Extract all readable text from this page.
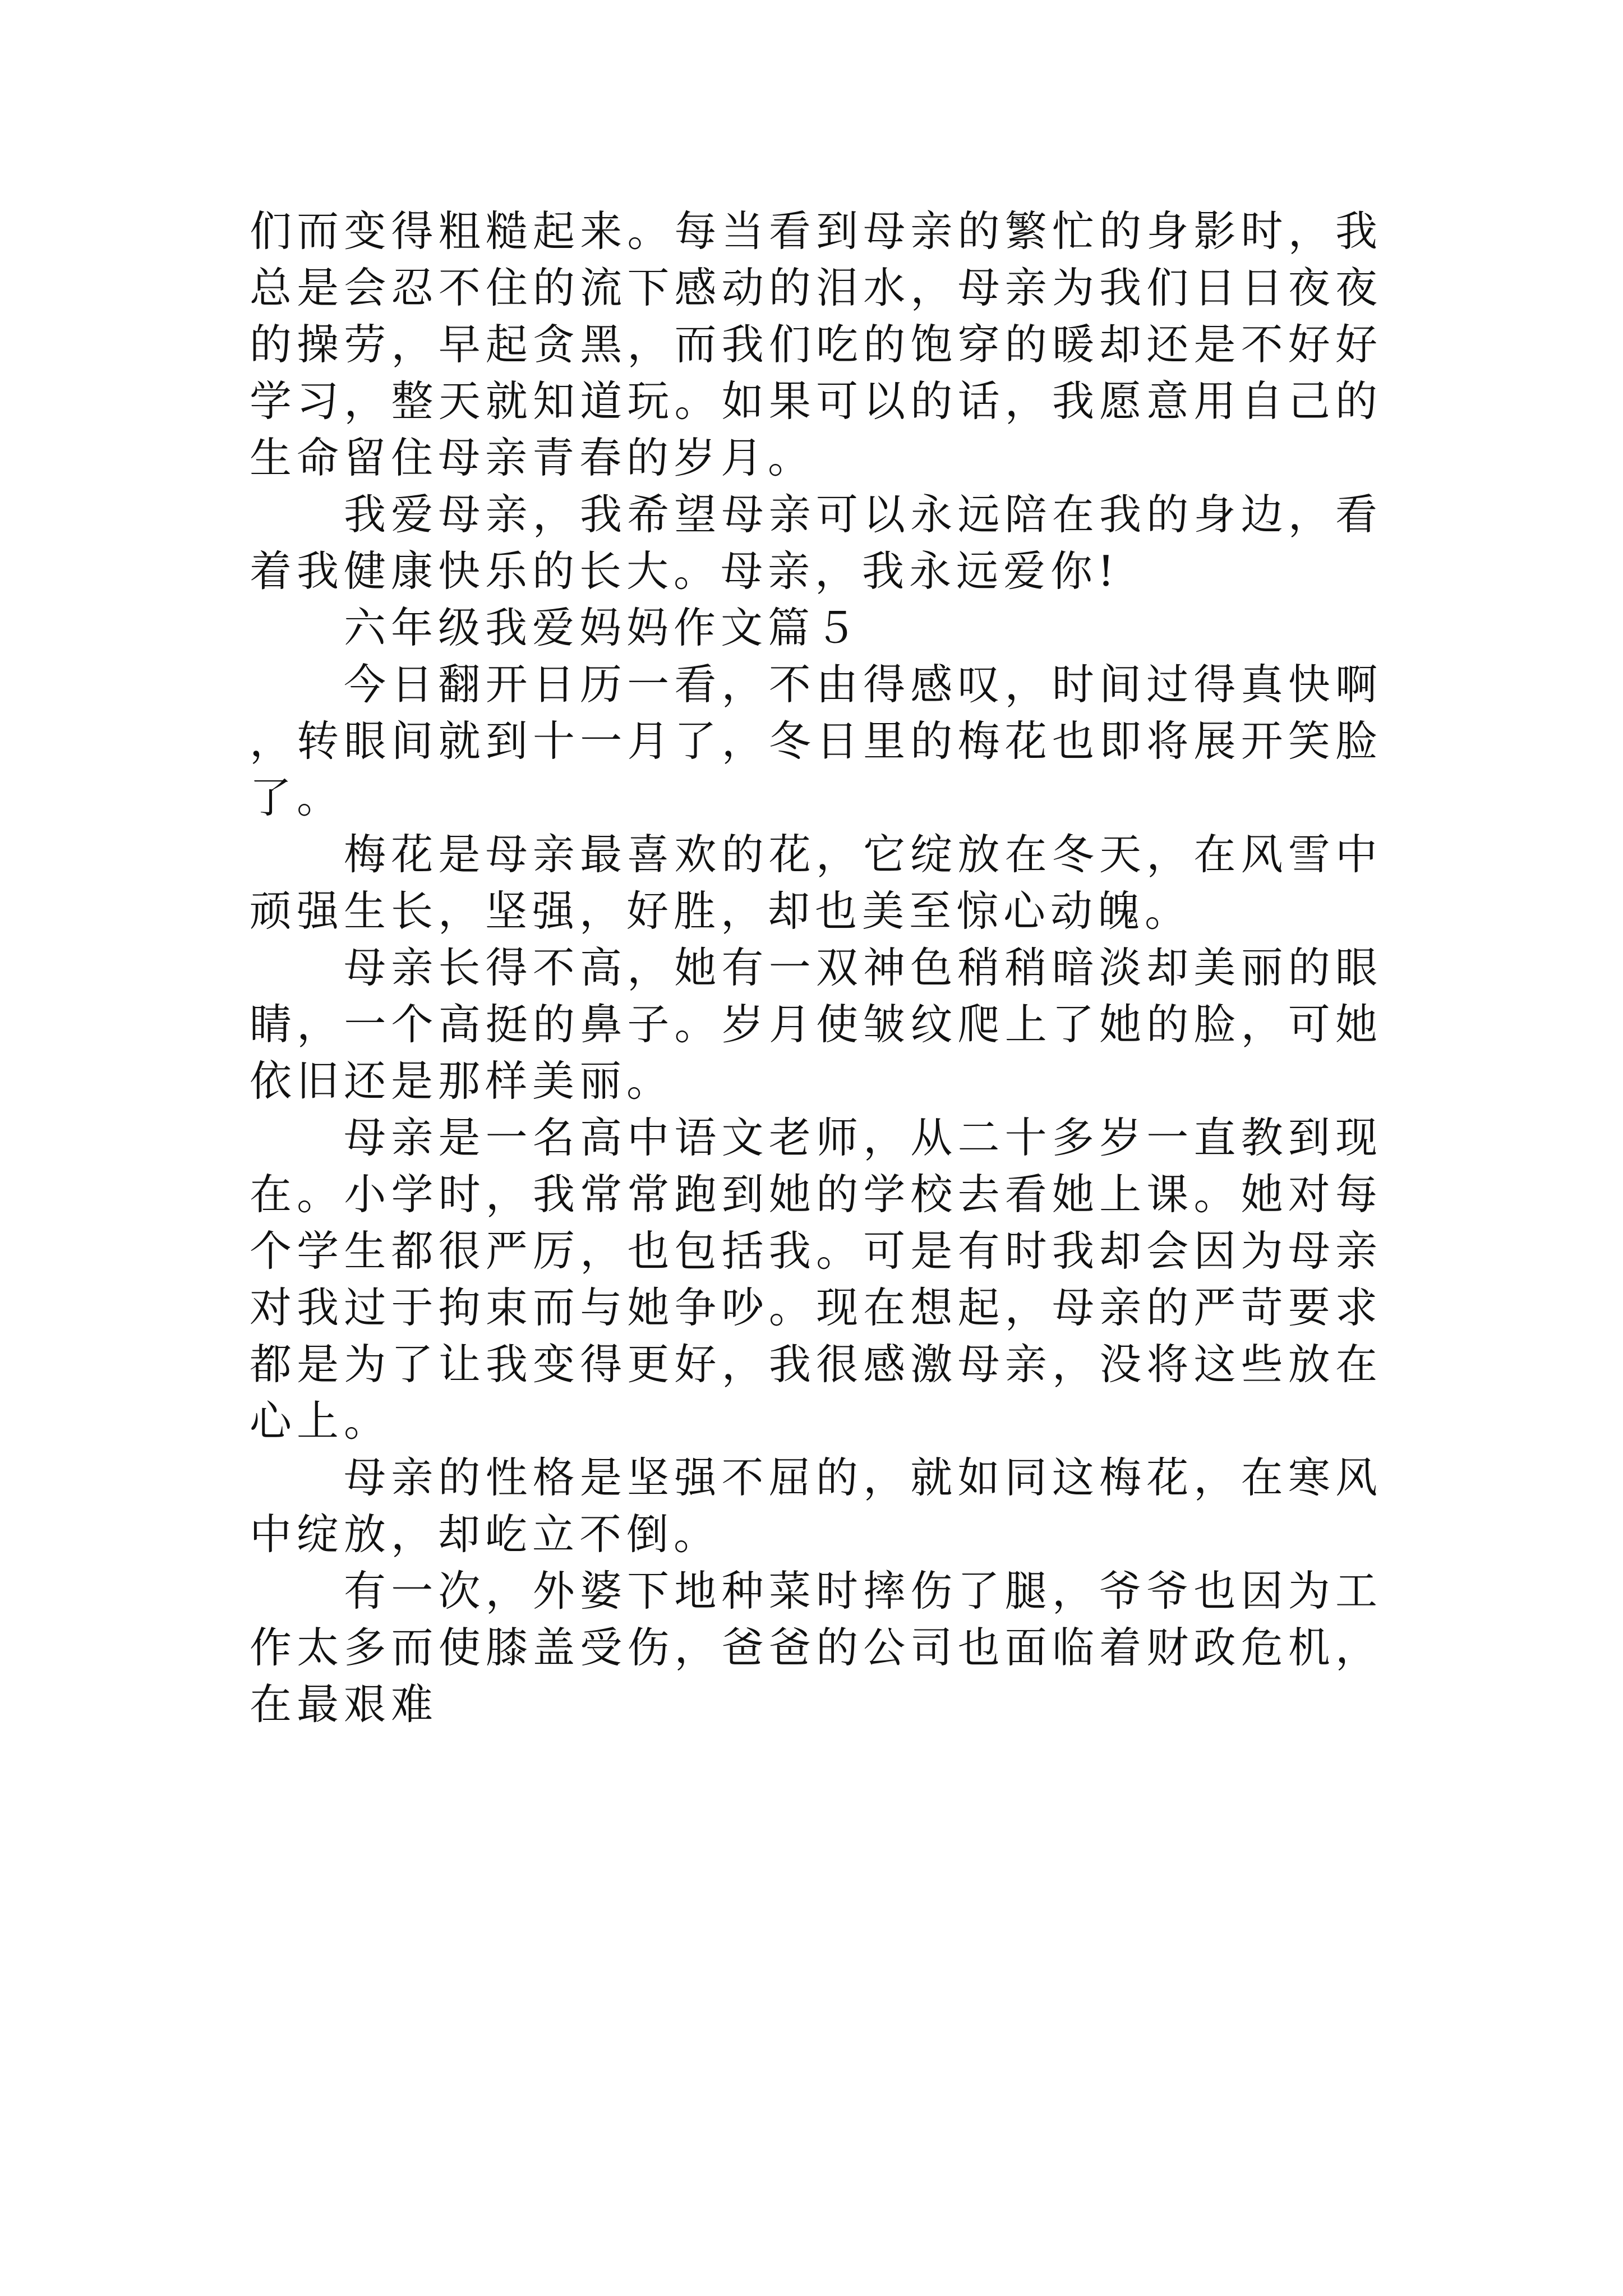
们而变得粗糙起来。每当看到母亲的繁忙的身影时，我总是会忍不住的流下感动的泪水，母亲为我们日日夜夜的操劳，早起贪黑，而我们吃的饱穿的暖却还是不好好学习，整天就知道玩。如果可以的话，我愿意用自己的生命留住母亲青春的岁月。

我爱母亲，我希望母亲可以永远陪在我的身边，看着我健康快乐的长大。母亲，我永远爱你!

六年级我爱妈妈作文篇５

今日翻开日历一看，不由得感叹，时间过得真快啊，转眼间就到十一月了，冬日里的梅花也即将展开笑脸了。

梅花是母亲最喜欢的花，它绽放在冬天，在风雪中顽强生长，坚强，好胜，却也美至惊心动魄。

母亲长得不高，她有一双神色稍稍暗淡却美丽的眼睛，一个高挺的鼻子。岁月使皱纹爬上了她的脸，可她依旧还是那样美丽。

母亲是一名高中语文老师，从二十多岁一直教到现在。小学时，我常常跑到她的学校去看她上课。她对每个学生都很严厉，也包括我。可是有时我却会因为母亲对我过于拘束而与她争吵。现在想起，母亲的严苛要求都是为了让我变得更好，我很感激母亲，没将这些放在心上。

母亲的性格是坚强不屈的，就如同这梅花，在寒风中绽放，却屹立不倒。

有一次，外婆下地种菜时摔伤了腿，爷爷也因为工作太多而使膝盖受伤，爸爸的公司也面临着财政危机，在最艰难
